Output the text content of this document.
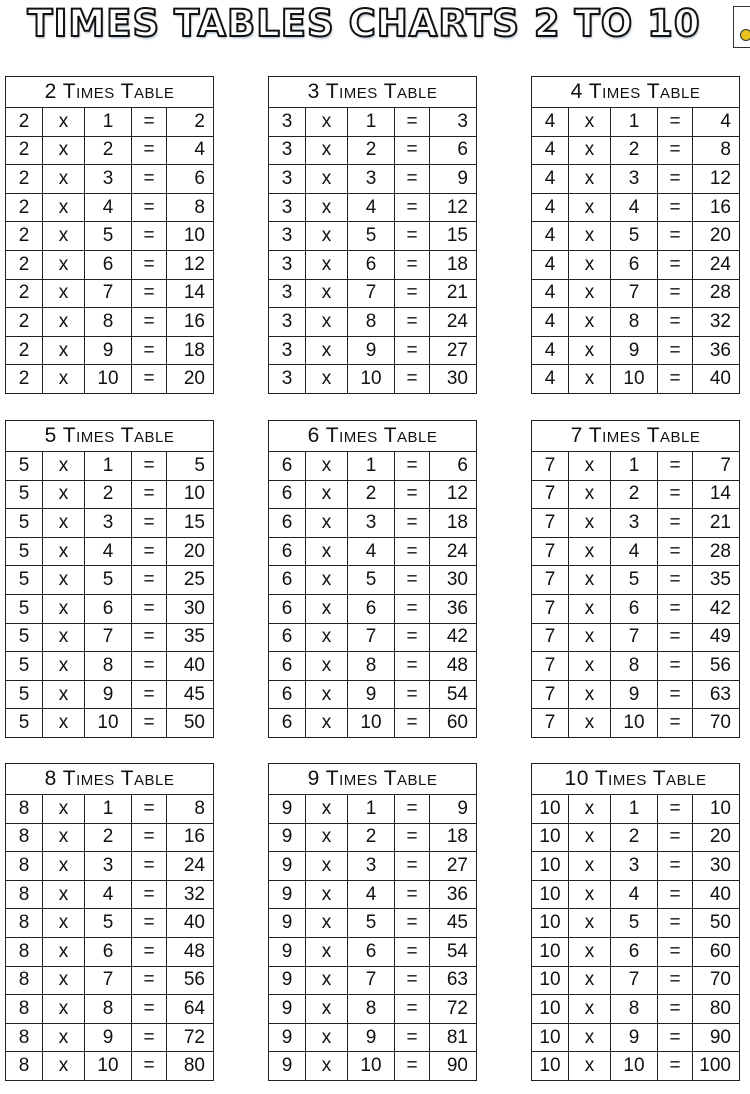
TIMES TABLES CHARTS 2 TO 10
2 Times Table				
2	x	1	=	2
2	x	2	=	4
2	x	3	=	6
2	x	4	=	8
2	x	5	=	10
2	x	6	=	12
2	x	7	=	14
2	x	8	=	16
2	x	9	=	18
2	x	10	=	20
3 Times Table				
3	x	1	=	3
3	x	2	=	6
3	x	3	=	9
3	x	4	=	12
3	x	5	=	15
3	x	6	=	18
3	x	7	=	21
3	x	8	=	24
3	x	9	=	27
3	x	10	=	30
4 Times Table				
4	x	1	=	4
4	x	2	=	8
4	x	3	=	12
4	x	4	=	16
4	x	5	=	20
4	x	6	=	24
4	x	7	=	28
4	x	8	=	32
4	x	9	=	36
4	x	10	=	40
5 Times Table				
5	x	1	=	5
5	x	2	=	10
5	x	3	=	15
5	x	4	=	20
5	x	5	=	25
5	x	6	=	30
5	x	7	=	35
5	x	8	=	40
5	x	9	=	45
5	x	10	=	50
6 Times Table				
6	x	1	=	6
6	x	2	=	12
6	x	3	=	18
6	x	4	=	24
6	x	5	=	30
6	x	6	=	36
6	x	7	=	42
6	x	8	=	48
6	x	9	=	54
6	x	10	=	60
7 Times Table				
7	x	1	=	7
7	x	2	=	14
7	x	3	=	21
7	x	4	=	28
7	x	5	=	35
7	x	6	=	42
7	x	7	=	49
7	x	8	=	56
7	x	9	=	63
7	x	10	=	70
8 Times Table				
8	x	1	=	8
8	x	2	=	16
8	x	3	=	24
8	x	4	=	32
8	x	5	=	40
8	x	6	=	48
8	x	7	=	56
8	x	8	=	64
8	x	9	=	72
8	x	10	=	80
9 Times Table				
9	x	1	=	9
9	x	2	=	18
9	x	3	=	27
9	x	4	=	36
9	x	5	=	45
9	x	6	=	54
9	x	7	=	63
9	x	8	=	72
9	x	9	=	81
9	x	10	=	90
10 Times Table				
10	x	1	=	10
10	x	2	=	20
10	x	3	=	30
10	x	4	=	40
10	x	5	=	50
10	x	6	=	60
10	x	7	=	70
10	x	8	=	80
10	x	9	=	90
10	x	10	=	100
